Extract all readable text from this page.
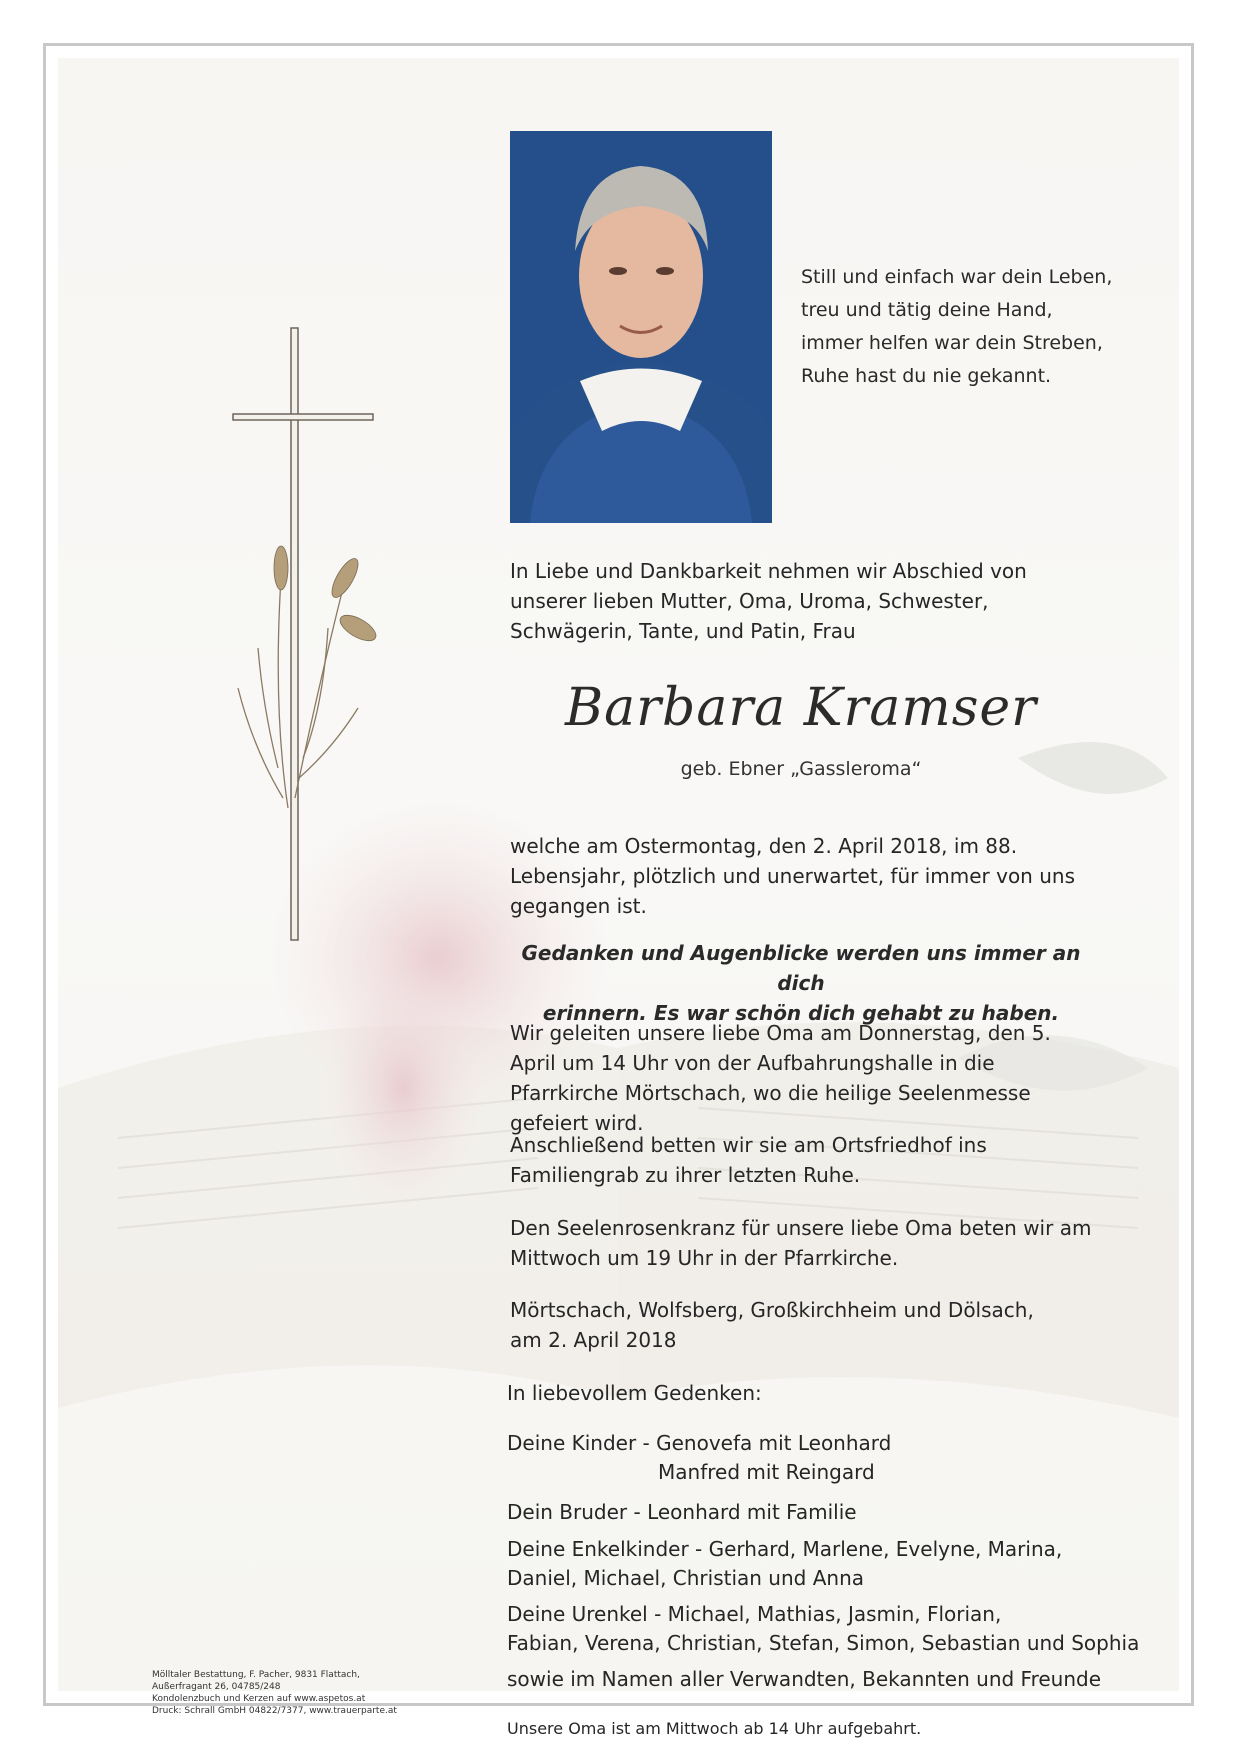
Still und einfach war dein Leben,
treu und tätig deine Hand,
immer helfen war dein Streben,
Ruhe hast du nie gekannt.
In Liebe und Dankbarkeit nehmen wir Abschied von unserer lieben Mutter, Oma, Uroma, Schwester, Schwägerin, Tante, und Patin, Frau
Barbara Kramser
geb. Ebner „Gassleroma“
welche am Ostermontag, den 2. April 2018, im 88. Lebensjahr, plötzlich und unerwartet, für immer von uns gegangen ist.
Gedanken und Augenblicke werden uns immer an dich
erinnern. Es war schön dich gehabt zu haben.
Wir geleiten unsere liebe Oma am Donnerstag, den 5. April um 14 Uhr von der Aufbahrungshalle in die Pfarrkirche Mörtschach, wo die heilige Seelenmesse gefeiert wird.
Anschließend betten wir sie am Ortsfriedhof ins Familiengrab zu ihrer letzten Ruhe.
Den Seelenrosenkranz für unsere liebe Oma beten wir am Mittwoch um 19 Uhr in der Pfarrkirche.
Mörtschach, Wolfsberg, Großkirchheim und Dölsach,
am 2. April 2018
In liebevollem Gedenken:
Deine Kinder - Genovefa mit Leonhard
Manfred mit Reingard
Dein Bruder - Leonhard mit Familie
Deine Enkelkinder - Gerhard, Marlene, Evelyne, Marina,
Daniel, Michael, Christian und Anna
Deine Urenkel - Michael, Mathias, Jasmin, Florian,
Fabian, Verena, Christian, Stefan, Simon, Sebastian und Sophia
sowie im Namen aller Verwandten, Bekannten und Freunde
Unsere Oma ist am Mittwoch ab 14 Uhr aufgebahrt.
Mölltaler Bestattung, F. Pacher, 9831 Flattach,
Außerfragant 26, 04785/248
Kondolenzbuch und Kerzen auf www.aspetos.at
Druck: Schrall GmbH 04822/7377, www.trauerparte.at
